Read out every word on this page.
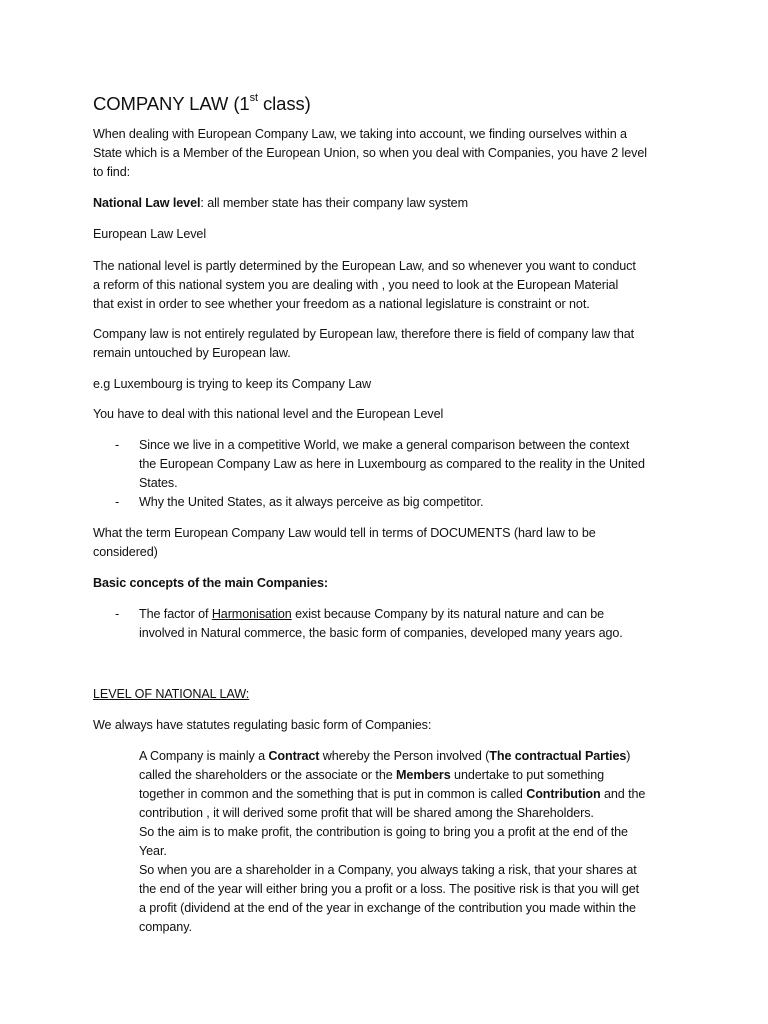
COMPANY LAW (1st class)
When dealing with European Company Law, we taking into account, we finding ourselves within a
State which is a Member of the European Union, so when you deal with Companies, you have 2 level
to find:
National Law level: all member state has their company law system
European Law Level
The national level is partly determined by the European Law, and so whenever you want to conduct
a reform of this national system you are dealing with , you need to look at the European Material
that exist in order to see whether your freedom as a national legislature is constraint or not.
Company law is not entirely regulated by European law, therefore there is field of company law that
remain untouched by European law.
e.g Luxembourg is trying to keep its Company Law
You have to deal with this national level and the European Level
- Since we live in a competitive World, we make a general comparison between the context
the European Company Law as here in Luxembourg as compared to the reality in the United
States.
- Why the United States, as it always perceive as big competitor.
What the term European Company Law would tell in terms of DOCUMENTS (hard law to be
considered)
Basic concepts of the main Companies:
- The factor of Harmonisation exist because Company by its natural nature and can be
involved in Natural commerce, the basic form of companies, developed many years ago.
LEVEL OF NATIONAL LAW:
We always have statutes regulating basic form of Companies:
A Company is mainly a Contract whereby the Person involved (The contractual Parties)
called the shareholders or the associate or the Members undertake to put something
together in common and the something that is put in common is called Contribution and the
contribution , it will derived some profit that will be shared among the Shareholders.
So the aim is to make profit, the contribution is going to bring you a profit at the end of the
Year.
So when you are a shareholder in a Company, you always taking a risk, that your shares at
the end of the year will either bring you a profit or a loss. The positive risk is that you will get
a profit (dividend at the end of the year in exchange of the contribution you made within the
company.
